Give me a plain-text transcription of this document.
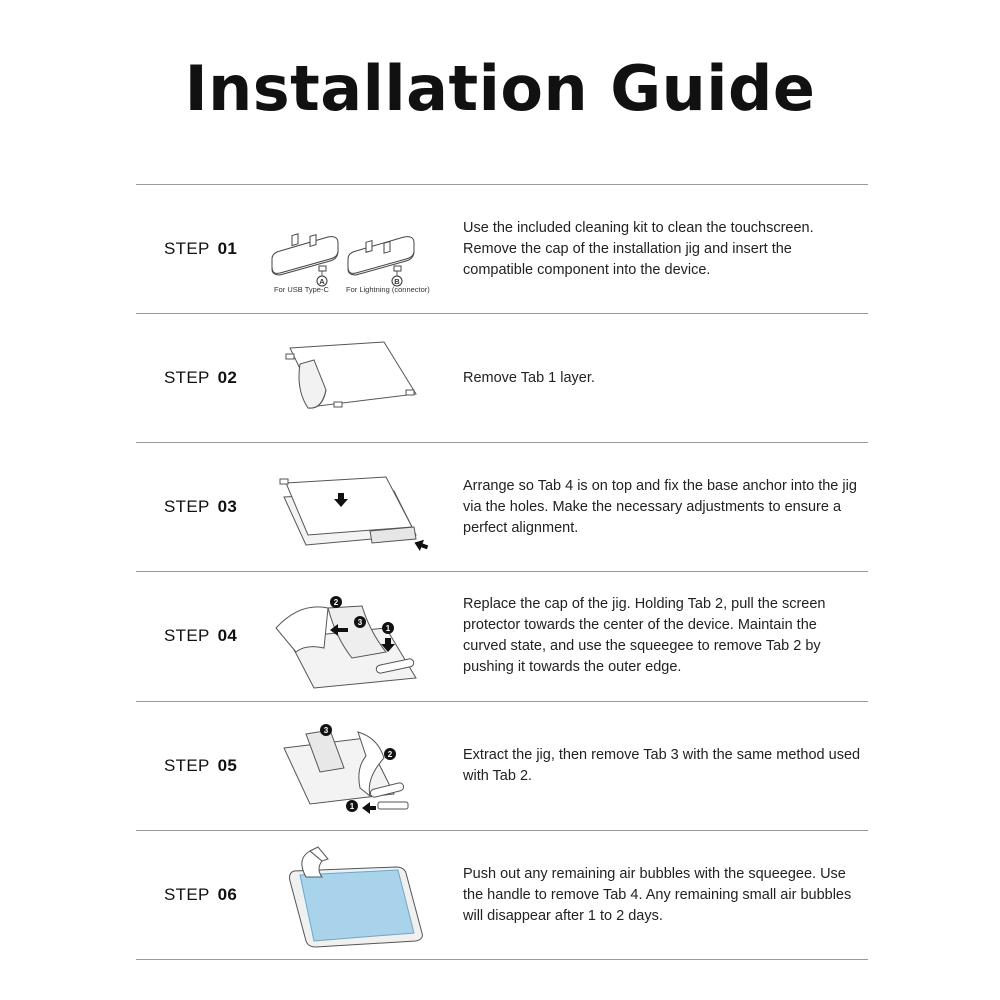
Installation Guide
STEP 01
A	B
For USB Type-C For Lightning (connector)
Use the included cleaning kit to clean the touchscreen. Remove the cap of the installation jig and insert the compatible component into the device.
STEP 02	Remove Tab 1 layer.
STEP 03
Arrange so Tab 4 is on top and fix the base anchor into the jig via the holes. Make the necessary adjustments to ensure a perfect alignment.
STEP 04
2
3
1
Replace the cap of the jig. Holding Tab 2, pull the screen protector towards the center of the device. Maintain the curved state, and use the squeegee to remove Tab 2 by pushing it towards the outer edge.
STEP 05
3
2
1
Extract the jig, then remove Tab 3 with the same method used with Tab 2.
STEP 06
Push out any remaining air bubbles with the squeegee. Use the handle to remove Tab 4. Any remaining small air bubbles will disappear after 1 to 2 days.
